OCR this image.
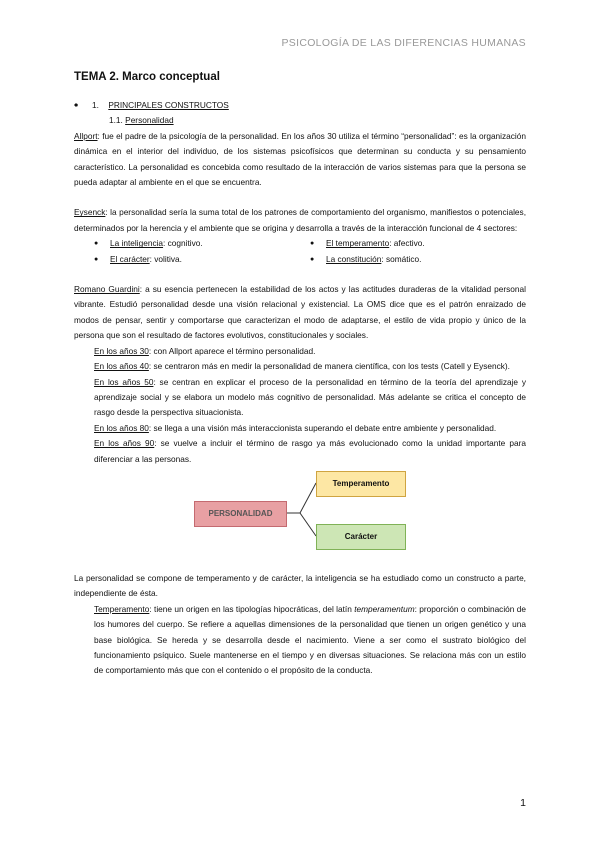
PSICOLOGÍA DE LAS DIFERENCIAS HUMANAS
TEMA 2. Marco conceptual
1. PRINCIPALES CONSTRUCTOS
1.1. Personalidad

Allport: fue el padre de la psicología de la personalidad. En los años 30 utiliza el término “personalidad”: es la organización dinámica en el interior del individuo, de los sistemas psicofísicos que determinan su conducta y su pensamiento característico. La personalidad es concebida como resultado de la interacción de varios sistemas para que la persona se pueda adaptar al ambiente en el que se encuentra.

Eysenck: la personalidad sería la suma total de los patrones de comportamiento del organismo, manifiestos o potenciales, determinados por la herencia y el ambiente que se origina y desarrolla a través de la interacción funcional de 4 sectores:

● La inteligencia: cognitivo.	● El temperamento: afectivo.
● El carácter: volitiva.	● La constitución: somático.

Romano Guardini: a su esencia pertenecen la estabilidad de los actos y las actitudes duraderas de la vitalidad personal vibrante. Estudió personalidad desde una visión relacional y existencial. La OMS dice que es el patrón enraizado de modos de pensar, sentir y comportarse que caracterizan el modo de adaptarse, el estilo de vida propio y único de la persona que son el resultado de factores evolutivos, constitucionales y sociales.

● En los años 30: con Allport aparece el término personalidad.
● En los años 40: se centraron más en medir la personalidad de manera científica, con los tests (Catell y Eysenck).
● En los años 50: se centran en explicar el proceso de la personalidad en término de la teoría del aprendizaje y aprendizaje social y se elabora un modelo más cognitivo de personalidad. Más adelante se critica el concepto de rasgo desde la perspectiva situacionista.
● En los años 80: se llega a una visión más interaccionista superando el debate entre ambiente y personalidad.
● En los años 90: se vuelve a incluir el término de rasgo ya más evolucionado como la unidad importante para diferenciar a las personas.
Temperamento
PERSONALIDAD
Carácter

La personalidad se compone de temperamento y de carácter, la inteligencia se ha estudiado como un constructo a parte, independiente de ésta.

● Temperamento: tiene un origen en las tipologías hipocráticas, del latín temperamentum: proporción o combinación de los humores del cuerpo. Se refiere a aquellas dimensiones de la personalidad que tienen un origen genético y una base biológica. Se hereda y se desarrolla desde el nacimiento. Viene a ser como el sustrato biológico del funcionamiento psíquico. Suele mantenerse en el tiempo y en diversas situaciones. Se relaciona más con un estilo de comportamiento más que con el contenido o el propósito de la conducta.
1
